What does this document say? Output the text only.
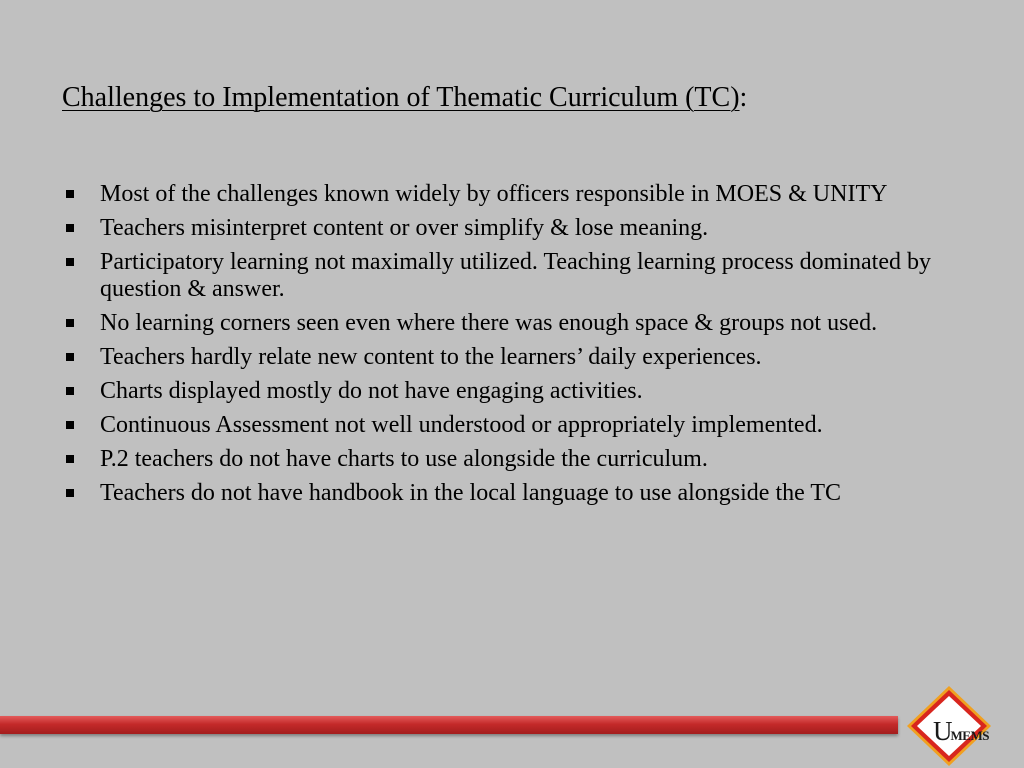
Challenges to Implementation of Thematic Curriculum (TC):
Most of the challenges known widely by officers responsible in MOES & UNITY
Teachers misinterpret content or over simplify & lose meaning.
Participatory learning not maximally utilized. Teaching learning process dominated by question & answer.
No learning corners seen even where there was enough space & groups not used.
Teachers hardly relate new content to the learners’ daily experiences.
Charts displayed mostly do not have engaging activities.
Continuous Assessment not well understood or appropriately implemented.
P.2 teachers do not have charts to use alongside the curriculum.
Teachers do not have handbook in the local language to use alongside the TC
UMEMS
